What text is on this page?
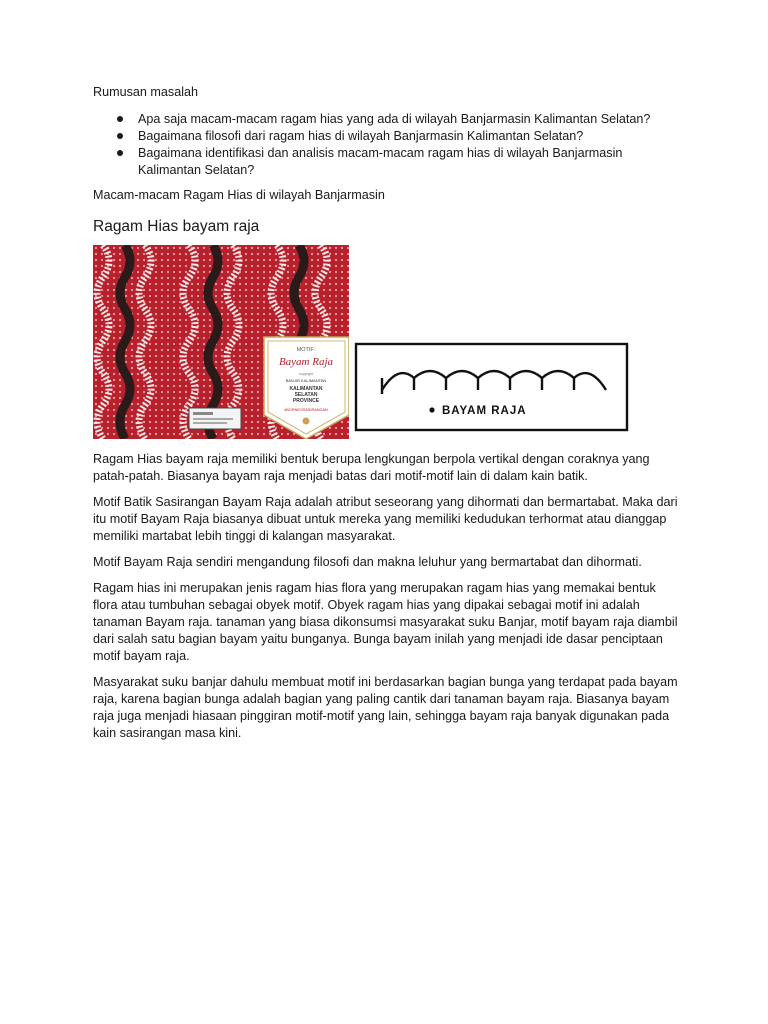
Rumusan masalah

Apa saja macam-macam ragam hias yang ada di wilayah Banjarmasin Kalimantan Selatan?
Bagaimana filosofi dari ragam hias di wilayah Banjarmasin Kalimantan Selatan?
Bagaimana identifikasi dan analisis macam-macam ragam hias di wilayah Banjarmasin Kalimantan Selatan?

Macam-macam Ragam Hias di wilayah Banjarmasin

Ragam Hias bayam raja
MOTIF:
Bayam Raja
copyright
BANJIR KALIMANTAN
KALIMANTAN
SELATAN
PROVINCE
#BORNEOSASIRANGAN	BAYAM RAJA

Ragam Hias bayam raja memiliki bentuk berupa lengkungan berpola vertikal dengan coraknya yang patah-patah. Biasanya bayam raja menjadi batas dari motif-motif lain di dalam kain batik.

Motif Batik Sasirangan Bayam Raja adalah atribut seseorang yang dihormati dan bermartabat. Maka dari itu motif Bayam Raja biasanya dibuat untuk mereka yang memiliki kedudukan terhormat atau dianggap memiliki martabat lebih tinggi di kalangan masyarakat.

Motif Bayam Raja sendiri mengandung filosofi dan makna leluhur yang bermartabat dan dihormati.

Ragam hias ini merupakan jenis ragam hias flora yang merupakan ragam hias yang memakai bentuk flora atau tumbuhan sebagai obyek motif. Obyek ragam hias yang dipakai sebagai motif ini adalah tanaman Bayam raja. tanaman yang biasa dikonsumsi masyarakat suku Banjar, motif bayam raja diambil dari salah satu bagian bayam yaitu bunganya. Bunga bayam inilah yang menjadi ide dasar penciptaan motif bayam raja.

Masyarakat suku banjar dahulu membuat motif ini berdasarkan bagian bunga yang terdapat pada bayam raja, karena bagian bunga adalah bagian yang paling cantik dari tanaman bayam raja. Biasanya bayam raja juga menjadi hiasaan pinggiran motif-motif yang lain, sehingga bayam raja banyak digunakan pada kain sasirangan masa kini.
